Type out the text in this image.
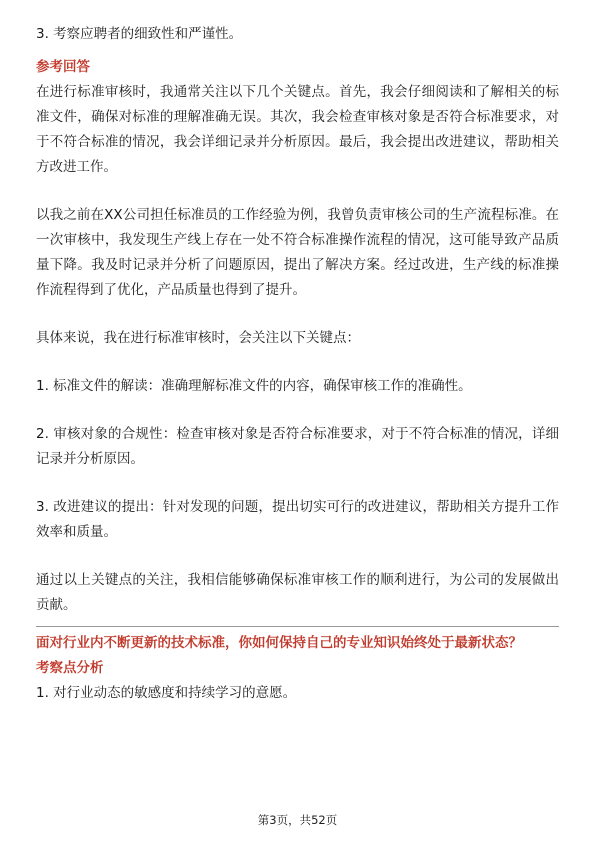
3. 考察应聘者的细致性和严谨性。

参考回答

在进行标准审核时，我通常关注以下几个关键点。首先，我会仔细阅读和了解相关的标准文件，确保对标准的理解准确无误。其次，我会检查审核对象是否符合标准要求，对于不符合标准的情况，我会详细记录并分析原因。最后，我会提出改进建议，帮助相关方改进工作。

以我之前在XX公司担任标准员的工作经验为例，我曾负责审核公司的生产流程标准。在一次审核中，我发现生产线上存在一处不符合标准操作流程的情况，这可能导致产品质量下降。我及时记录并分析了问题原因，提出了解决方案。经过改进，生产线的标准操作流程得到了优化，产品质量也得到了提升。

具体来说，我在进行标准审核时，会关注以下关键点：

1. 标准文件的解读：准确理解标准文件的内容，确保审核工作的准确性。

2. 审核对象的合规性：检查审核对象是否符合标准要求，对于不符合标准的情况，详细记录并分析原因。

3. 改进建议的提出：针对发现的问题，提出切实可行的改进建议，帮助相关方提升工作效率和质量。

通过以上关键点的关注，我相信能够确保标准审核工作的顺利进行，为公司的发展做出贡献。

面对行业内不断更新的技术标准，你如何保持自己的专业知识始终处于最新状态？

考察点分析

1. 对行业动态的敏感度和持续学习的意愿。

第3页，共52页
